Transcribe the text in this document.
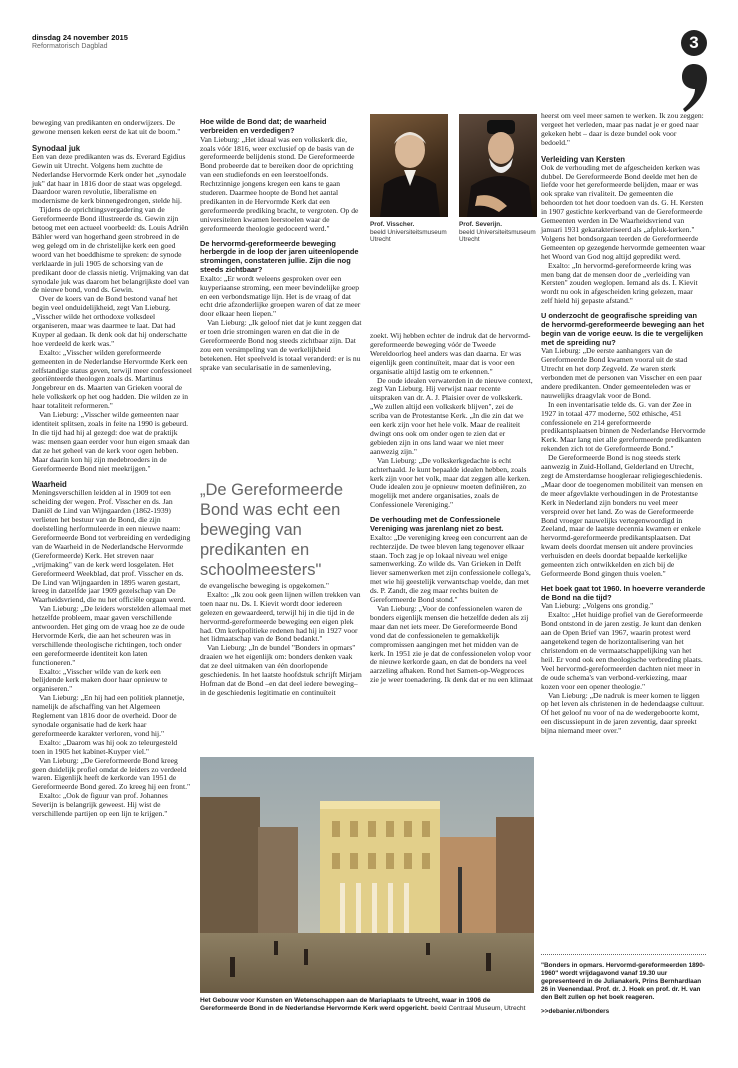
dinsdag 24 november 2015
Reformatorisch Dagblad	3

beweging van predikanten en onderwijzers. De gewone mensen keken eerst de kat uit de boom."

Synodaal juk

Een van deze predikanten was ds. Everard Egidius Gewin uit Utrecht. Volgens hem zuchtte de Nederlandse Hervormde Kerk onder het „synodale juk" dat haar in 1816 door de staat was opgelegd. Daardoor waren revolutie, liberalisme en modernisme de kerk binnengedrongen, stelde hij.

Tijdens de oprichtingsvergadering van de Gereformeerde Bond illustreerde ds. Gewin zijn betoog met een actueel voorbeeld: ds. Louis Adriën Bähler werd van hogerhand geen strobreed in de weg gelegd om in de christelijke kerk een goed woord van het boeddhisme te spreken: de synode verklaarde in juli 1905 de schorsing van de predikant door de classis nietig. Vrijmaking van dat synodale juk was daarom het belangrijkste doel van de nieuwe bond, vond ds. Gewin.

Over de koers van de Bond bestond vanaf het begin veel onduidelijkheid, zegt Van Lieburg. „Visscher wilde het orthodoxe volksdeel organiseren, maar was daarmee te laat. Dat had Kuyper al gedaan. Ik denk ook dat hij onderschatte hoe verdeeld de kerk was."

Exalto: „Visscher wilden gereformeerde gemeenten in de Nederlandse Hervormde Kerk een zelfstandige status geven, terwijl meer confessioneel georiënteerde theologen zoals ds. Martinus Jongebreur en ds. Maarten van Grieken vooral de hele volkskerk op het oog hadden. Die wilden ze in haar totaliteit reformeren."

Van Lieburg: „Visscher wilde gemeenten naar identiteit splitsen, zoals in feite na 1990 is gebeurd. In die tijd had hij al gezegd: doe wat de praktijk was: mensen gaan eerder voor hun eigen smaak dan dat ze het geheel van de kerk voor ogen hebben. Maar daarin kon hij zijn medebroeders in de Gereformeerde Bond niet meekrijgen."

Waarheid

Meningsverschillen leidden al in 1909 tot een scheiding der wegen. Prof. Visscher en ds. Jan Daniël de Lind van Wijngaarden (1862-1939) verlieten het bestuur van de Bond, die zijn doelstelling herformuleerde in een nieuwe naam: Gereformeerde Bond tot verbreiding en verdediging van de Waarheid in de Nederlandsche Hervormde (Gereformeerde) Kerk. Het streven naar „vrijmaking" van de kerk werd losgelaten. Het Gereformeerd Weekblad, dat prof. Visscher en ds. De Lind van Wijngaarden in 1895 waren gestart, kreeg in datzelfde jaar 1909 gezelschap van De Waarheidsvriend, die nu het officiële orgaan werd.

Van Lieburg: „De leiders worstelden allemaal met hetzelfde probleem, maar gaven verschillende antwoorden. Het ging om de vraag hoe ze de oude Hervormde Kerk, die aan het scheuren was in verschillende theologische richtingen, toch onder een gereformeerde identiteit kon laten functioneren."

Exalto: „Visscher wilde van de kerk een belijdende kerk maken door haar opnieuw te organiseren."

Van Lieburg: „En hij had een politiek plannetje, namelijk de afschaffing van het Algemeen Reglement van 1816 door de overheid. Door de synodale organisatie had de kerk haar gereformeerde karakter verloren, vond hij."

Exalto: „Daarom was hij ook zo teleurgesteld toen in 1905 het kabinet-Kuyper viel."

Van Lieburg: „De Gereformeerde Bond kreeg geen duidelijk profiel omdat de leiders zo verdeeld waren. Eigenlijk heeft de kerkorde van 1951 de Gereformeerde Bond gered. Zo kreeg hij een front."

Exalto: „Ook de figuur van prof. Johannes Severijn is belangrijk geweest. Hij wist de verschillende partijen op een lijn te krijgen."

Hoe wilde de Bond dat; de waarheid verbreiden en verdedigen?

Van Lieburg: „Het ideaal was een volkskerk die, zoals vóór 1816, weer exclusief op de basis van de gereformeerde belijdenis stond. De Gereformeerde Bond probeerde dat te bereiken door de oprichting van een studiefonds en een leerstoelfonds. Rechtzinnige jongens kregen een kans te gaan studeren. Daarmee hoopte de Bond het aantal predikanten in de Hervormde Kerk dat een gereformeerde prediking bracht, te vergroten. Op de universiteiten kwamen leerstoelen waar de gereformeerde theologie gedoceerd werd."

De hervormd-gereformeerde beweging herbergde in de loop der jaren uiteenlopende stromingen, constateren jullie. Zijn die nog steeds zichtbaar?

Exalto: „Er wordt weleens gesproken over een kuyperiaanse stroming, een meer bevindelijke groep en een verbondsmatige lijn. Het is de vraag of dat echt drie afzonderlijke groepen waren of dat ze meer door elkaar heen liepen."

Van Lieburg: „Ik geloof niet dat je kunt zeggen dat er toen drie stromingen waren en dat die in de Gereformeerde Bond nog steeds zichtbaar zijn. Dat zou een versimpeling van de werkelijkheid betekenen. Het speelveld is totaal veranderd: er is nu sprake van secularisatie in de samenleving,

„De Gereformeerde Bond was echt een beweging van predikanten en schoolmeesters"

de evangelische beweging is opgekomen."

Exalto: „Ik zou ook geen lijnen willen trekken van toen naar nu. Ds. I. Kievit wordt door iedereen gelezen en gewaardeerd, terwijl hij in die tijd in de hervormd-gereformeerde beweging een eigen plek had. Om kerkpolitieke redenen had hij in 1927 voor het lidmaatschap van de Bond bedankt."

Van Lieburg: „In de bundel "Bonders in opmars" draaien we het eigenlijk om: bonders denken vaak dat ze deel uitmaken van één doorlopende geschiedenis. In het laatste hoofdstuk schrijft Mirjam Hofman dat de Bond –en dat deel iedere beweging– in de geschiedenis legitimatie en continuïteit

zoekt. Wij hebben echter de indruk dat de hervormd-gereformeerde beweging vóór de Tweede Wereldoorlog heel anders was dan daarna. Er was eigenlijk geen continuïteit, maar dat is voor een organisatie altijd lastig om te erkennen."

De oude idealen verwaterden in de nieuwe context, zegt Van Lieburg. Hij verwijst naar recente uitspraken van dr. A. J. Plaisier over de volkskerk. „We zullen altijd een volkskerk blijven", zei de scriba van de Protestantse Kerk. „In die zin dat we een kerk zijn voor het hele volk. Maar de realiteit dwingt ons ook om onder ogen te zien dat er gebieden zijn in ons land waar we niet meer aanwezig zijn."

Van Lieburg: „De volkskerkgedachte is echt achterhaald. Je kunt bepaalde idealen hebben, zoals kerk zijn voor het volk, maar dat zeggen alle kerken. Oude idealen zou je opnieuw moeten definiëren, zo mogelijk met andere organisaties, zoals de Confessionele Vereniging."

De verhouding met de Confessionele Vereniging was jarenlang niet zo best.

Exalto: „De vereniging kreeg een concurrent aan de rechterzijde. De twee bleven lang tegenover elkaar staan. Toch zag je op lokaal niveau wel enige samenwerking. Zo wilde ds. Van Grieken in Delft liever samenwerken met zijn confessionele collega's, met wie hij geestelijk verwantschap voelde, dan met ds. P. Zandt, die zeg maar rechts buiten de Gereformeerde Bond stond."

Van Lieburg: „Voor de confessionelen waren de bonders eigenlijk mensen die hetzelfde deden als zij maar dan net iets meer. De Gereformeerde Bond vond dat de confessionelen te gemakkelijk compromissen aangingen met het midden van de kerk. In 1951 zie je dat de confessionelen volop voor de nieuwe kerkorde gaan, en dat de bonders na veel aarzeling afhaken. Rond het Samen-op-Wegproces zie je weer toenadering. Ik denk dat er nu een klimaat

heerst om veel meer samen te werken. Ik zou zeggen: vergeet het verleden, maar pas nadat je er goed naar gekeken hebt – daar is deze bundel ook voor bedoeld."

Verleiding van Kersten

Ook de verhouding met de afgescheiden kerken was dubbel. De Gereformeerde Bond deelde met hen de liefde voor het gereformeerde belijden, maar er was ook sprake van rivaliteit. De gemeenten die behoorden tot het door toedoen van ds. G. H. Kersten in 1907 gestichte kerkverband van de Gereformeerde Gemeenten werden in De Waarheidsvriend van januari 1931 gekarakteriseerd als „afpluk-kerken." Volgens het bondsorgaan teerden de Gereformeerde Gemeenten op gezegende hervormde gemeenten waar het Woord van God nog altijd gepredikt werd.

Exalto: „In hervormd-gereformeerde kring was men bang dat de mensen door de „verleiding van Kersten" zouden weglopen. Iemand als ds. I. Kievit wordt nu ook in afgescheiden kring gelezen, maar zelf hield hij gepaste afstand."

U onderzocht de geografische spreiding van de hervormd-gereformeerde beweging aan het begin van de vorige eeuw. Is die te vergelijken met de spreiding nu?

Van Lieburg: „De eerste aanhangers van de Gereformeerde Bond kwamen vooral uit de stad Utrecht en het dorp Zegveld. Ze waren sterk verbonden met de personen van Visscher en een paar andere predikanten. Onder gemeenteleden was er nauwelijks draagvlak voor de Bond.

In een inventarisatie telde ds. G. van der Zee in 1927 in totaal 477 moderne, 502 ethische, 451 confessionele en 214 gereformeerde predikantsplaatsen binnen de Nederlandse Hervormde Kerk. Maar lang niet alle gereformeerde predikanten rekenden zich tot de Gereformeerde Bond."

De Gereformeerde Bond is nog steeds sterk aanwezig in Zuid-Holland, Gelderland en Utrecht, zegt de Amsterdamse hoogleraar religiegeschiedenis. „Maar door de toegenomen mobiliteit van mensen en de meer afgevlakte verhoudingen in de Protestantse Kerk in Nederland zijn bonders nu veel meer verspreid over het land. Zo was de Gereformeerde Bond vroeger nauwelijks vertegenwoordigd in Zeeland, maar de laatste decennia kwamen er enkele hervormd-gereformeerde predikantsplaatsen. Dat kwam deels doordat mensen uit andere provincies verhuisden en deels doordat bepaalde kerkelijke gemeenten zich ontwikkelden en zich bij de Geformeerde Bond gingen thuis voelen."

Het boek gaat tot 1960. In hoeverre veranderde de Bond na die tijd?

Van Lieburg: „Volgens ons grondig."

Exalto: „Het huidige profiel van de Gereformeerde Bond ontstond in de jaren zestig. Je kunt dan denken aan de Open Brief van 1967, waarin protest werd aangetekend tegen de horizontalisering van het christendom en de vermaatschappelijking van het heil. Er vond ook een theologische verbreding plaats. Veel hervormd-gereformeerden dachten niet meer in de oude schema's van verbond-verkiezing, maar kozen voor een opener theologie."

Van Lieburg: „De nadruk is meer komen te liggen op het leven als christenen in de hedendaagse cultuur. Of het geloof nu voor of na de wedergeboorte komt, een discussiepunt in de jaren zeventig, daar spreekt bijna niemand meer over."

Prof. Visscher.
beeld Universiteitsmuseum Utrecht
Prof. Severijn.
beeld Universiteitsmuseum Utrecht
Het Gebouw voor Kunsten en Wetenschappen aan de Mariaplaats te Utrecht, waar in 1906 de Gereformeerde Bond in de Nederlandse Hervormde Kerk werd opgericht. beeld Centraal Museum, Utrecht
"Bonders in opmars. Hervormd-gereformeerden 1890-1960" wordt vrijdagavond vanaf 19.30 uur gepresenteerd in de Julianakerk, Prins Bernhardlaan 26 in Veenendaal. Prof. dr. J. Hoek en prof. dr. H. van den Belt zullen op het boek reageren.
>>debanier.nl/bonders
